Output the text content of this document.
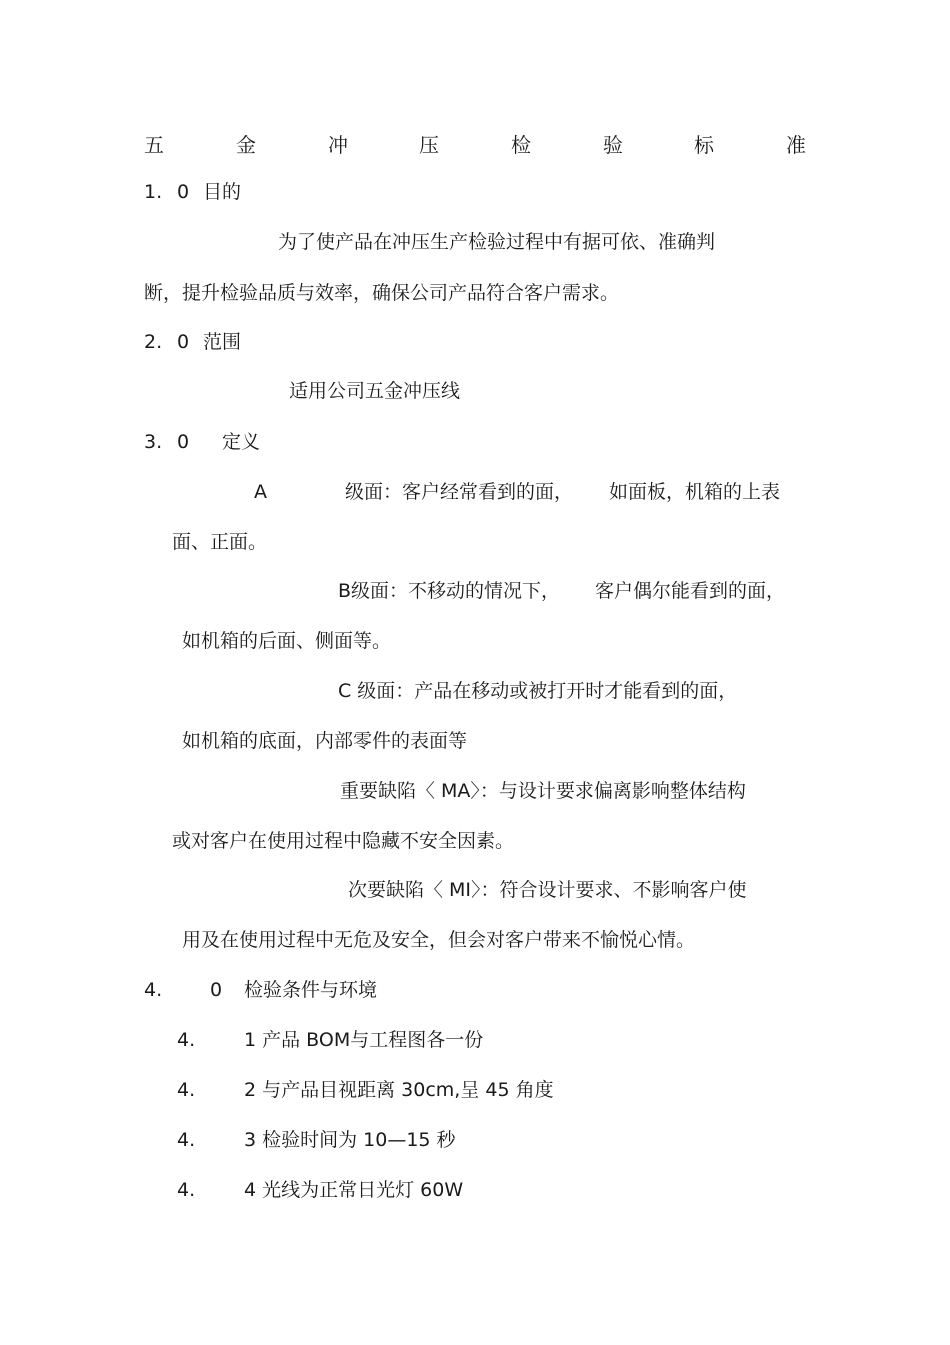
五	金	冲	压	检	验	标	准
1. 0 目的
为了使产品在冲压生产检验过程中有据可依、准确判
断，提升检验品质与效率，确保公司产品符合客户需求。
2. 0 范围
适用公司五金冲压线
3. 0 定义
A	级面：客户经常看到的面， 如面板，机箱的上表
面、正面。
B级面：不移动的情况下， 客户偶尔能看到的面，
如机箱的后面、侧面等。
C 级面：产品在移动或被打开时才能看到的面，
如机箱的底面，内部零件的表面等
重要缺陷〈 MA〉：与设计要求偏离影响整体结构
或对客户在使用过程中隐藏不安全因素。
次要缺陷〈 MI〉：符合设计要求、不影响客户使
用及在使用过程中无危及安全，但会对客户带来不愉悦心情。
4.	0 检验条件与环境
4.	1 产品 BOM与工程图各一份
4.	2 与产品目视距离 30cm,呈 45 角度
4.	3 检验时间为 10—15 秒
4.	4 光线为正常日光灯 60W
